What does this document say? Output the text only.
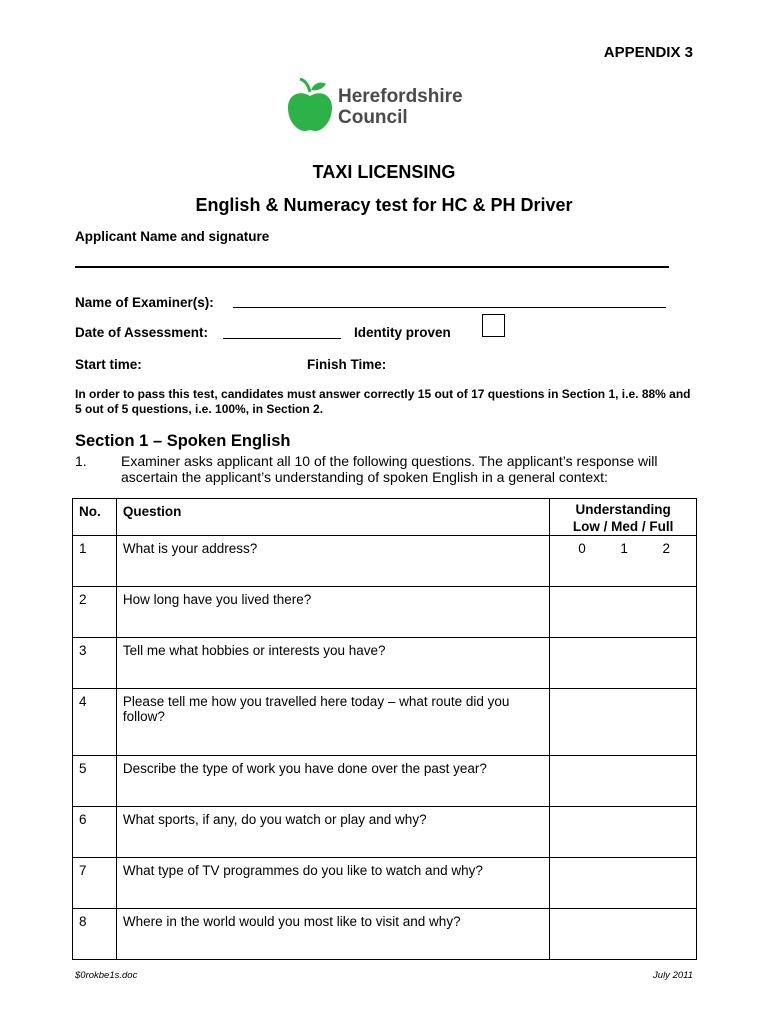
APPENDIX 3
Herefordshire
Council
TAXI LICENSING
English & Numeracy test for HC & PH Driver
Applicant Name and signature
Name of Examiner(s):
Date of Assessment:	Identity proven
Start time:	Finish Time:
In order to pass this test, candidates must answer correctly 15 out of 17 questions in Section 1, i.e. 88% and 5 out of 5 questions, i.e. 100%, in Section 2.
Section 1 – Spoken English
1. Examiner asks applicant all 10 of the following questions. The applicant’s response will ascertain the applicant’s understanding of spoken English in a general context:
No.	Question	Understanding
Low / Med / Full

1	What is your address?	0 1 2

2	How long have you lived there?	
3	Tell me what hobbies or interests you have?	
4	Please tell me how you travelled here today – what route did you follow?	
5	Describe the type of work you have done over the past year?	
6	What sports, if any, do you watch or play and why?	
7	What type of TV programmes do you like to watch and why?	
8	Where in the world would you most like to visit and why?	
$0rokbe1s.doc	July 2011
